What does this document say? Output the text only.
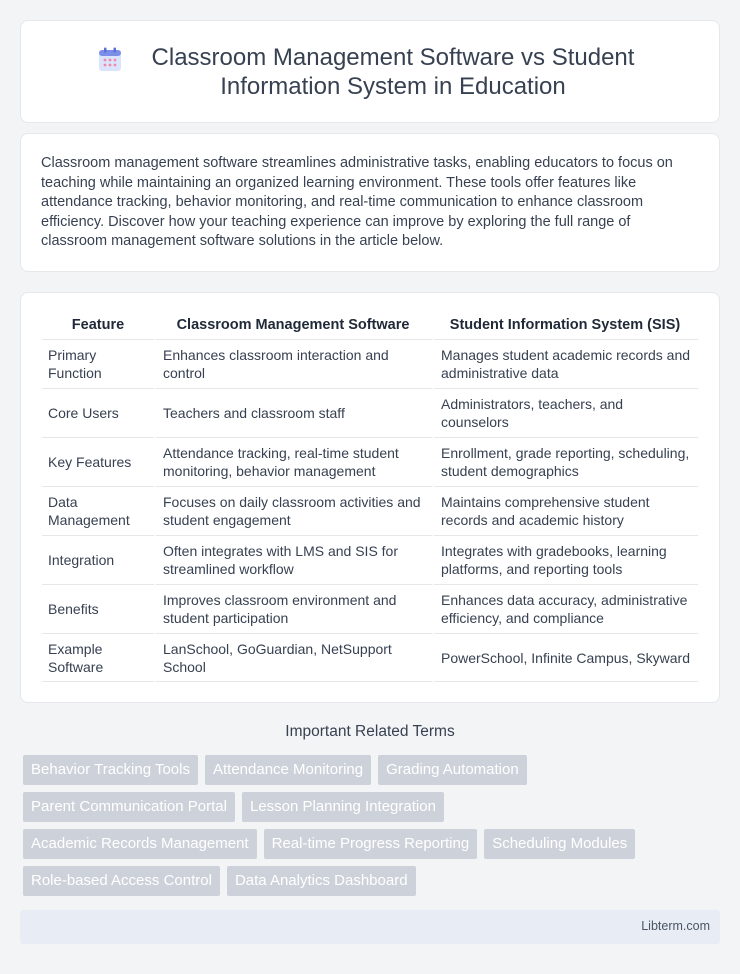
Classroom Management Software vs Student Information System in Education

Classroom management software streamlines administrative tasks, enabling educators to focus on teaching while maintaining an organized learning environment. These tools offer features like attendance tracking, behavior monitoring, and real-time communication to enhance classroom efficiency. Discover how your teaching experience can improve by exploring the full range of classroom management software solutions in the article below.

Feature	Classroom Management Software	Student Information System (SIS)
Primary Function	Enhances classroom interaction and control	Manages student academic records and administrative data
Core Users	Teachers and classroom staff	Administrators, teachers, and counselors
Key Features	Attendance tracking, real-time student monitoring, behavior management	Enrollment, grade reporting, scheduling, student demographics
Data Management	Focuses on daily classroom activities and student engagement	Maintains comprehensive student records and academic history
Integration	Often integrates with LMS and SIS for streamlined workflow	Integrates with gradebooks, learning platforms, and reporting tools
Benefits	Improves classroom environment and student participation	Enhances data accuracy, administrative efficiency, and compliance
Example Software	LanSchool, GoGuardian, NetSupport School	PowerSchool, Infinite Campus, Skyward
Important Related Terms
Behavior Tracking Tools	Attendance Monitoring	Grading Automation
Parent Communication Portal	Lesson Planning Integration
Academic Records Management	Real-time Progress Reporting	Scheduling Modules
Role-based Access Control	Data Analytics Dashboard
Libterm.com
